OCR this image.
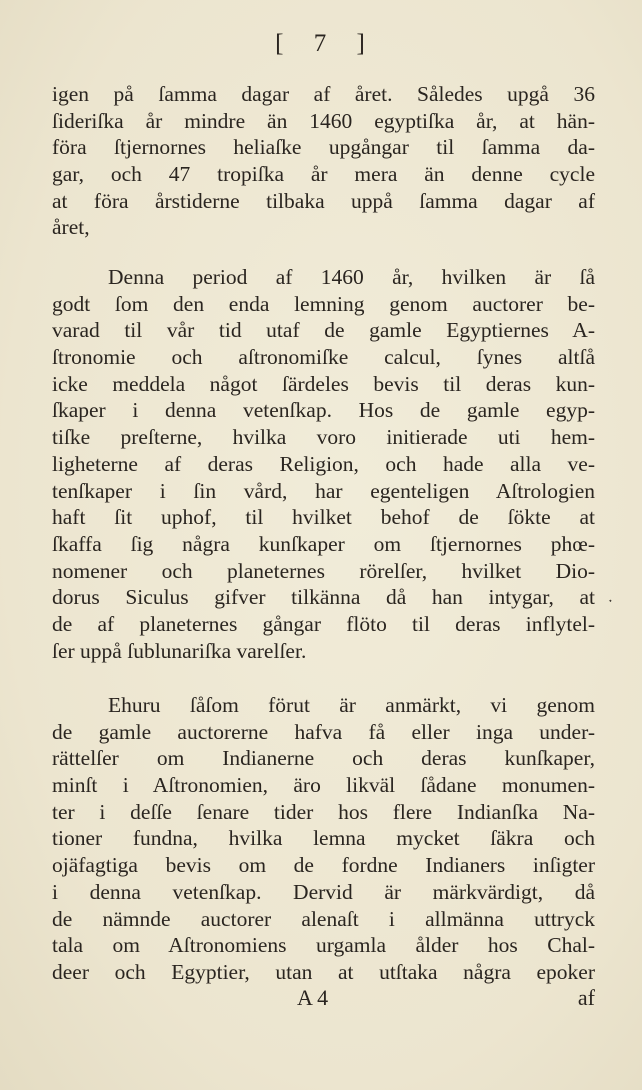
[ 7 ]
igen på ſamma dagar af året. Således upgå 36
ſideriſka år mindre än 1460 egyptiſka år, at hän-
föra ſtjernornes heliaſke upgångar til ſamma da-
gar, och 47 tropiſka år mera än denne cycle
at föra årstiderne tilbaka uppå ſamma dagar af
året,
Denna period af 1460 år, hvilken är ſå
godt ſom den enda lemning genom auctorer be-
varad til vår tid utaf de gamle Egyptiernes A-
ſtronomie och aſtronomiſke calcul, ſynes altſå
icke meddela något ſärdeles bevis til deras kun-
ſkaper i denna vetenſkap. Hos de gamle egyp-
tiſke preſterne, hvilka voro initierade uti hem-
ligheterne af deras Religion, och hade alla ve-
tenſkaper i ſin vård, har egenteligen Aſtrologien
haft ſit uphof, til hvilket behof de ſökte at
ſkaffa ſig några kunſkaper om ſtjernornes phœ-
nomener och planeternes rörelſer, hvilket Dio-
dorus Siculus gifver tilkänna då han intygar, at
de af planeternes gångar flöto til deras inflytel-
ſer uppå ſublunariſka varelſer.
Ehuru ſåſom förut är anmärkt, vi genom
de gamle auctorerne hafva få eller inga under-
rättelſer om Indianerne och deras kunſkaper,
minſt i Aſtronomien, äro likväl ſådane monumen-
ter i deſſe ſenare tider hos flere Indianſka Na-
tioner fundna, hvilka lemna mycket ſäkra och
ojäfagtiga bevis om de fordne Indianers inſigter
i denna vetenſkap. Dervid är märkvärdigt, då
de nämnde auctorer alenaſt i allmänna uttryck
tala om Aſtronomiens urgamla ålder hos Chal-
deer och Egyptier, utan at utſtaka några epoker
˖
A 4	af
